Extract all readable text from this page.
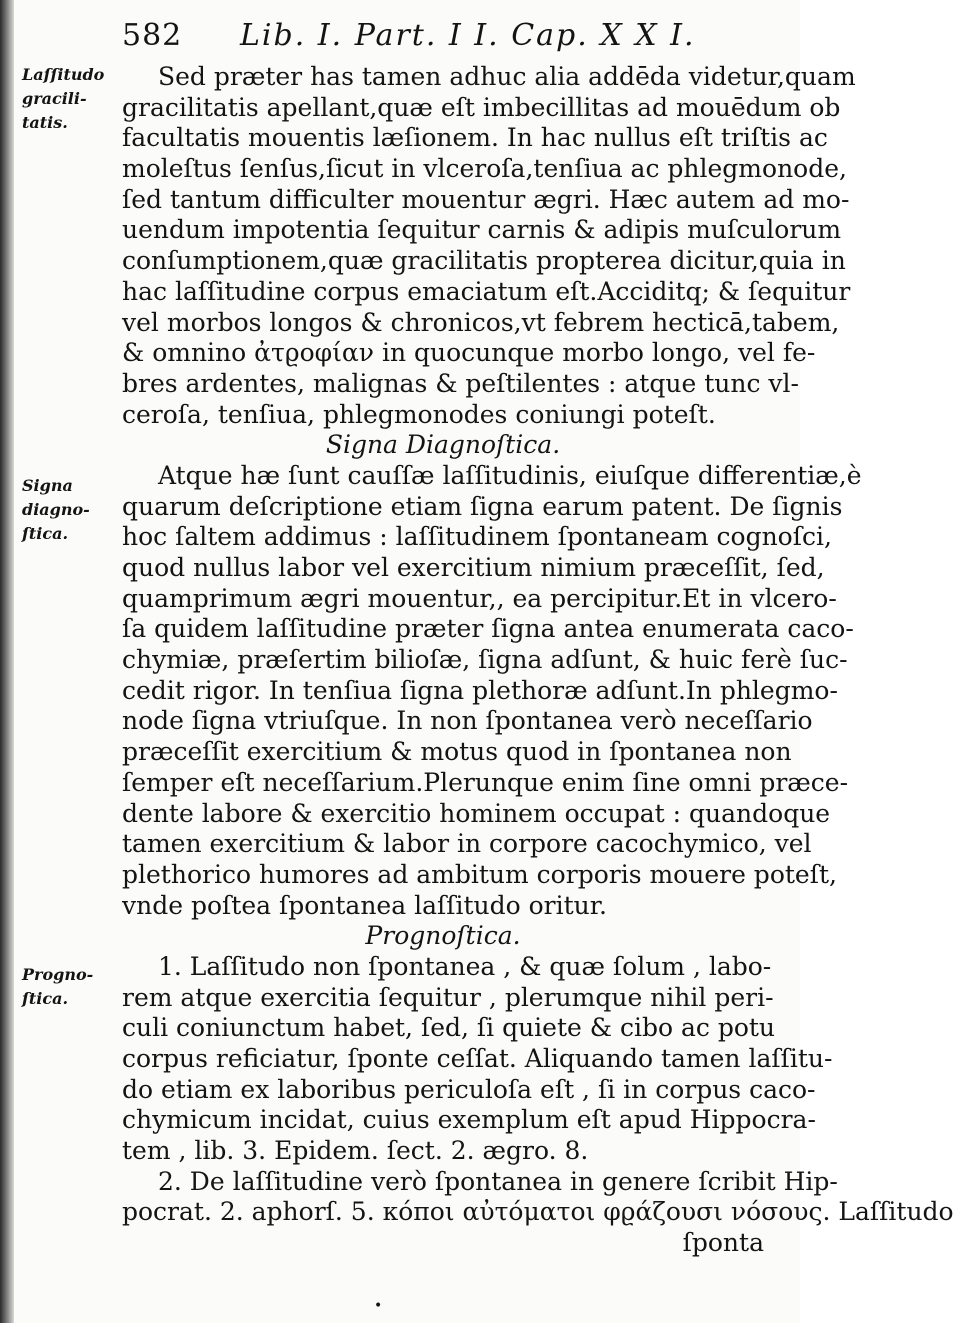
582 Lib. I. Part. I I. Cap. X X I.
Laſſitudo
gracili-
tatis.
Signa
diagno-
ſtica.
Progno-
ſtica.
Sed præter has tamen adhuc alia addēda videtur,quam
gracilitatis apellant,quæ eſt imbecillitas ad mouēdum ob
facultatis mouentis læſionem. In hac nullus eſt triſtis ac
moleſtus ſenſus,ſicut in vlceroſa,tenſiua ac phlegmonode,
ſed tantum difficulter mouentur ægri. Hæc autem ad mo-
uendum impotentia ſequitur carnis & adipis muſculorum
conſumptionem,quæ gracilitatis propterea dicitur,quia in
hac laſſitudine corpus emaciatum eſt.Acciditq; & ſequitur
vel morbos longos & chronicos,vt febrem hecticā,tabem,
& omnino ἀτϱοφίαν in quocunque morbo longo, vel fe-
bres ardentes, malignas & peſtilentes : atque tunc vl-
ceroſa, tenſiua, phlegmonodes coniungi poteſt.
Signa Diagnoſtica.
Atque hæ ſunt cauſſæ laſſitudinis, eiuſque differentiæ,è
quarum deſcriptione etiam ſigna earum patent. De ſignis
hoc ſaltem addimus : laſſitudinem ſpontaneam cognoſci,
quod nullus labor vel exercitium nimium præceſſit, ſed,
quamprimum ægri mouentur,, ea percipitur.Et in vlcero-
ſa quidem laſſitudine præter ſigna antea enumerata caco-
chymiæ, præſertim bilioſæ, ſigna adſunt, & huic ferè ſuc-
cedit rigor. In tenſiua ſigna plethoræ adſunt.In phlegmo-
node ſigna vtriuſque. In non ſpontanea verò neceſſario
præceſſit exercitium & motus quod in ſpontanea non
ſemper eſt neceſſarium.Plerunque enim ſine omni præce-
dente labore & exercitio hominem occupat : quandoque
tamen exercitium & labor in corpore cacochymico, vel
plethorico humores ad ambitum corporis mouere poteſt,
vnde poſtea ſpontanea laſſitudo oritur.
Prognoſtica.
1. Laſſitudo non ſpontanea , & quæ ſolum , labo-
rem atque exercitia ſequitur , plerumque nihil peri-
culi coniunctum habet, ſed, ſi quiete & cibo ac potu
corpus reficiatur, ſponte ceſſat. Aliquando tamen laſſitu-
do etiam ex laboribus periculoſa eſt , ſi in corpus caco-
chymicum incidat, cuius exemplum eſt apud Hippocra-
tem , lib. 3. Epidem. ſect. 2. ægro. 8.
2. De laſſitudine verò ſpontanea in genere ſcribit Hip-
pocrat. 2. aphorſ. 5. κόποι αὐτόματοι φϱάζουσι νόσους. Laſſitudo
ſponta
•
